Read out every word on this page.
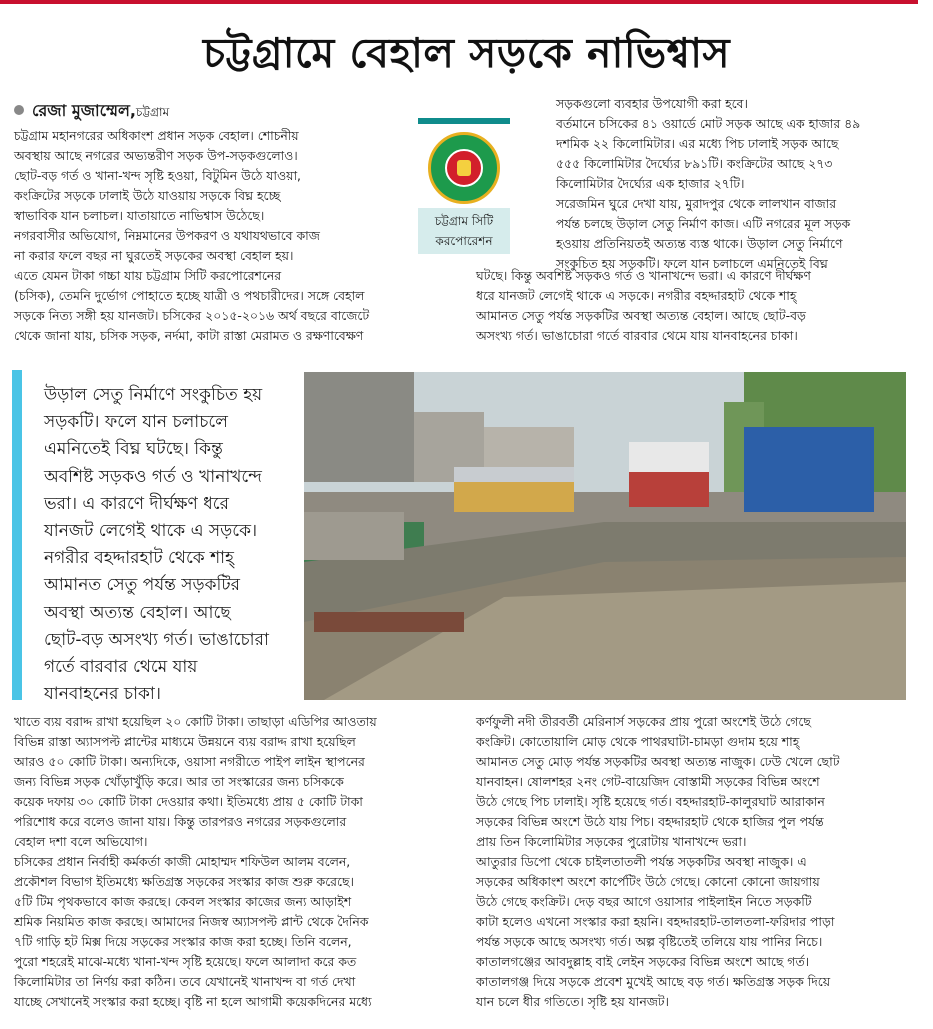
চট্টগ্রামে বেহাল সড়কে নাভিশ্বাস
রেজা মুজাম্মেল,চট্টগ্রাম

চট্টগ্রাম মহানগরের অধিকাংশ প্রধান সড়ক বেহাল। শোচনীয়

অবস্থায় আছে নগরের অভ্যন্তরীণ সড়ক উপ-সড়কগুলোও।

ছোট-বড় গর্ত ও খানা-খন্দ সৃষ্টি হওয়া, বিটুমিন উঠে যাওয়া,

কংক্রিটের সড়কে ঢালাই উঠে যাওয়ায় সড়কে বিঘ্ন হচ্ছে

স্বাভাবিক যান চলাচল। যাতায়াতে নাভিশ্বাস উঠেছে।

নগরবাসীর অভিযোগ, নিম্নমানের উপকরণ ও যথাযথভাবে কাজ

না করার ফলে বছর না ঘুরতেই সড়কের অবস্থা বেহাল হয়।

এতে যেমন টাকা গচ্চা যায় চট্টগ্রাম সিটি করপোরেশনের

(চসিক), তেমনি দুর্ভোগ পোহাতে হচ্ছে যাত্রী ও পথচারীদের। সঙ্গে বেহাল

সড়কে নিত্য সঙ্গী হয় যানজট। চসিকের ২০১৫-২০১৬ অর্থ বছরে বাজেটে

থেকে জানা যায়, চসিক সড়ক, নর্দমা, কাটা রাস্তা মেরামত ও রক্ষণাবেক্ষণ

চট্টগ্রাম সিটি
করপোরেশন

সড়কগুলো ব্যবহার উপযোগী করা হবে।

বর্তমানে চসিকের ৪১ ওয়ার্ডে মোট সড়ক আছে এক হাজার ৪৯

দশমিক ২২ কিলোমিটার। এর মধ্যে পিচ ঢালাই সড়ক আছে

৫৫৫ কিলোমিটার দৈর্ঘ্যের ৮৯১টি। কংক্রিটের আছে ২৭৩

কিলোমিটার দৈর্ঘ্যের এক হাজার ২৭টি।

সরেজমিন ঘুরে দেখা যায়, মুরাদপুর থেকে লালখান বাজার

পর্যন্ত চলছে উড়াল সেতু নির্মাণ কাজ। এটি নগরের মূল সড়ক

হওয়ায় প্রতিনিয়তই অত্যন্ত ব্যস্ত থাকে। উড়াল সেতু নির্মাণে

সংকুচিত হয় সড়কটি। ফলে যান চলাচলে এমনিতেই বিঘ্ন

ঘটছে। কিন্তু অবশিষ্ট সড়কও গর্ত ও খানাখন্দে ভরা। এ কারণে দীর্ঘক্ষণ

ধরে যানজট লেগেই থাকে এ সড়কে। নগরীর বহদ্দারহাট থেকে শাহ্

আমানত সেতু পর্যন্ত সড়কটির অবস্থা অত্যন্ত বেহাল। আছে ছোট-বড়

অসংখ্য গর্ত। ভাঙাচোরা গর্তে বারবার থেমে যায় যানবাহনের চাকা।

উড়াল সেতু নির্মাণে সংকুচিত হয়

সড়কটি। ফলে যান চলাচলে

এমনিতেই বিঘ্ন ঘটছে। কিন্তু

অবশিষ্ট সড়কও গর্ত ও খানাখন্দে

ভরা। এ কারণে দীর্ঘক্ষণ ধরে

যানজট লেগেই থাকে এ সড়কে।

নগরীর বহদ্দারহাট থেকে শাহ্

আমানত সেতু পর্যন্ত সড়কটির

অবস্থা অত্যন্ত বেহাল। আছে

ছোট-বড় অসংখ্য গর্ত। ভাঙাচোরা

গর্তে বারবার থেমে যায়

যানবাহনের চাকা।

খাতে ব্যয় বরাদ্দ রাখা হয়েছিল ২০ কোটি টাকা। তাছাড়া এডিপির আওতায়

বিভিন্ন রাস্তা অ্যাসপল্ট প্লান্টের মাধ্যমে উন্নয়নে ব্যয় বরাদ্দ রাখা হয়েছিল

আরও ৫০ কোটি টাকা। অন্যদিকে, ওয়াসা নগরীতে পাইপ লাইন স্থাপনের

জন্য বিভিন্ন সড়ক খোঁড়াখুঁড়ি করে। আর তা সংস্কারের জন্য চসিককে

কয়েক দফায় ৩০ কোটি টাকা দেওয়ার কথা। ইতিমধ্যে প্রায় ৫ কোটি টাকা

পরিশোধ করে বলেও জানা যায়। কিন্তু তারপরও নগরের সড়কগুলোর

বেহাল দশা বলে অভিযোগ।

চসিকের প্রধান নির্বাহী কর্মকর্তা কাজী মোহাম্মদ শফিউল আলম বলেন,

প্রকৌশল বিভাগ ইতিমধ্যে ক্ষতিগ্রস্ত সড়কের সংস্কার কাজ শুরু করেছে।

৫টি টিম পৃথকভাবে কাজ করছে। কেবল সংস্কার কাজের জন্য আড়াইশ

শ্রমিক নিয়মিত কাজ করছে। আমাদের নিজস্ব অ্যাসপল্ট প্লান্ট থেকে দৈনিক

৭টি গাড়ি হট মিক্স দিয়ে সড়কের সংস্কার কাজ করা হচ্ছে। তিনি বলেন,

পুরো শহরেই মাঝে-মধ্যে খানা-খন্দ সৃষ্টি হয়েছে। ফলে আলাদা করে কত

কিলোমিটার তা নির্ণয় করা কঠিন। তবে যেখানেই খানাখন্দ বা গর্ত দেখা

যাচ্ছে সেখানেই সংস্কার করা হচ্ছে। বৃষ্টি না হলে আগামী কয়েকদিনের মধ্যে

কর্ণফুলী নদী তীরবর্তী মেরিনার্স সড়কের প্রায় পুরো অংশেই উঠে গেছে

কংক্রিট। কোতোয়ালি মোড় থেকে পাথরঘাটা-চামড়া গুদাম হয়ে শাহ্

আমানত সেতু মোড় পর্যন্ত সড়কটির অবস্থা অত্যন্ত নাজুক। ঢেউ খেলে ছোট

যানবাহন। ষোলশহর ২নং গেট-বায়েজিদ বোস্তামী সড়কের বিভিন্ন অংশে

উঠে গেছে পিচ ঢালাই। সৃষ্টি হয়েছে গর্ত। বহদ্দারহাট-কালুরঘাট আরাকান

সড়কের বিভিন্ন অংশে উঠে যায় পিচ। বহদ্দারহাট থেকে হাজির পুল পর্যন্ত

প্রায় তিন কিলোমিটার সড়কের পুরোটায় খানাখন্দে ভরা।

আতুরার ডিপো থেকে চাইলতাতলী পর্যন্ত সড়কটির অবস্থা নাজুক। এ

সড়কের অধিকাংশ অংশে কার্পেটিং উঠে গেছে। কোনো কোনো জায়গায়

উঠে গেছে কংক্রিট। দেড় বছর আগে ওয়াসার পাইলাইন নিতে সড়কটি

কাটা হলেও এখনো সংস্কার করা হয়নি। বহদ্দারহাট-তালতলা-ফরিদার পাড়া

পর্যন্ত সড়কে আছে অসংখ্য গর্ত। অল্প বৃষ্টিতেই তলিয়ে যায় পানির নিচে।

কাতালগঞ্জের আবদুল্লাহ বাই লেইন সড়কের বিভিন্ন অংশে আছে গর্ত।

কাতালগঞ্জ দিয়ে সড়কে প্রবেশ মুখেই আছে বড় গর্ত। ক্ষতিগ্রস্ত সড়ক দিয়ে

যান চলে ধীর গতিতে। সৃষ্টি হয় যানজট।
